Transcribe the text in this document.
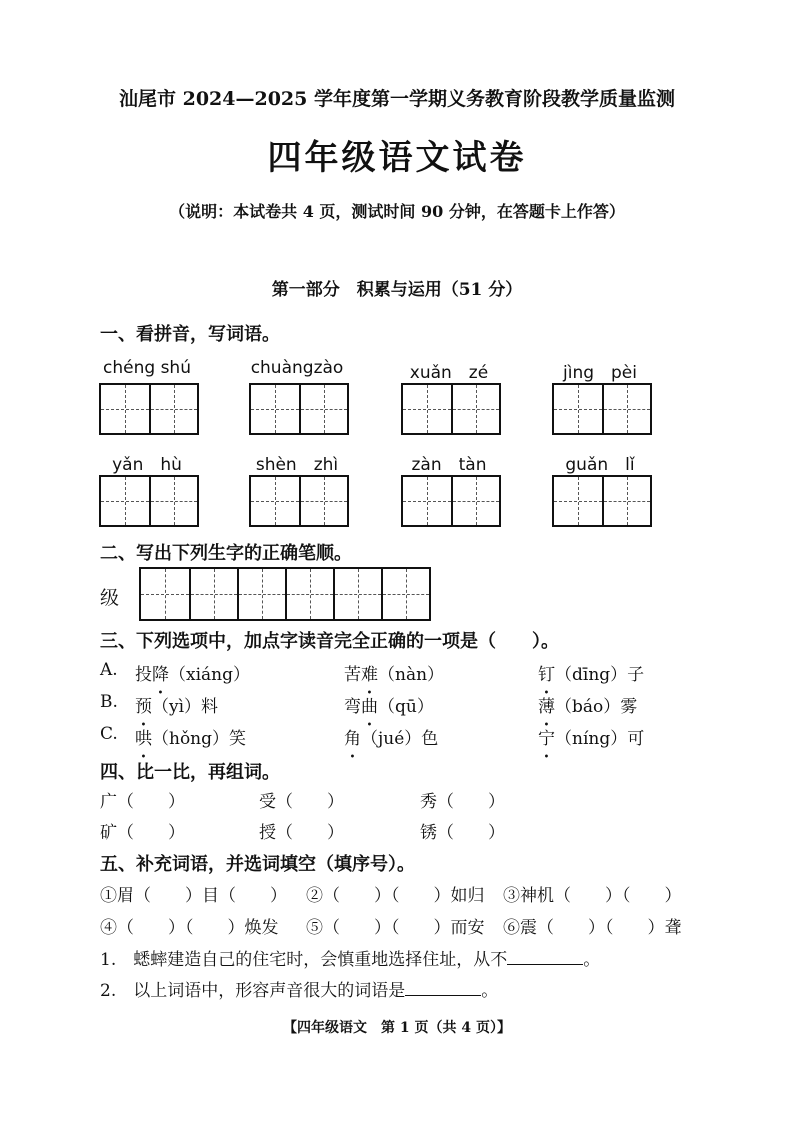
汕尾市 2024—2025 学年度第一学期义务教育阶段教学质量监测
四年级语文试卷
（说明：本试卷共 4 页，测试时间 90 分钟，在答题卡上作答）
第一部分　积累与运用（51 分）
一、看拼音，写词语。
chéng shú	chuàngzào	xuǎn　zé	jìng　pèi
yǎn　hù	shèn　zhì	zàn　tàn	guǎn　lǐ
二、写出下列生字的正确笔顺。
级
三、下列选项中，加点字读音完全正确的一项是（　　）。
A. 投降（xiáng）	苦难（nàn）	钉（dīng）子
B. 预（yì）料	弯曲（qū）	薄（báo）雾
C. 哄（hǒng）笑	角（jué）色	宁（níng）可
四、比一比，再组词。
广（　　）	受（　　）	秀（　　）
矿（　　）	授（　　）	锈（　　）
五、补充词语，并选词填空（填序号）。
①眉（　　）目（　　） ②（　　）（　　）如归 ③神机（　　）（　　）
④（　　）（　　）焕发 ⑤（　　）（　　）而安 ⑥震（　　）（　　）聋
1.　蟋蟀建造自己的住宅时，会慎重地选择住址，从不	。
2.　以上词语中，形容声音很大的词语是	。
【四年级语文　第 1 页（共 4 页）】
